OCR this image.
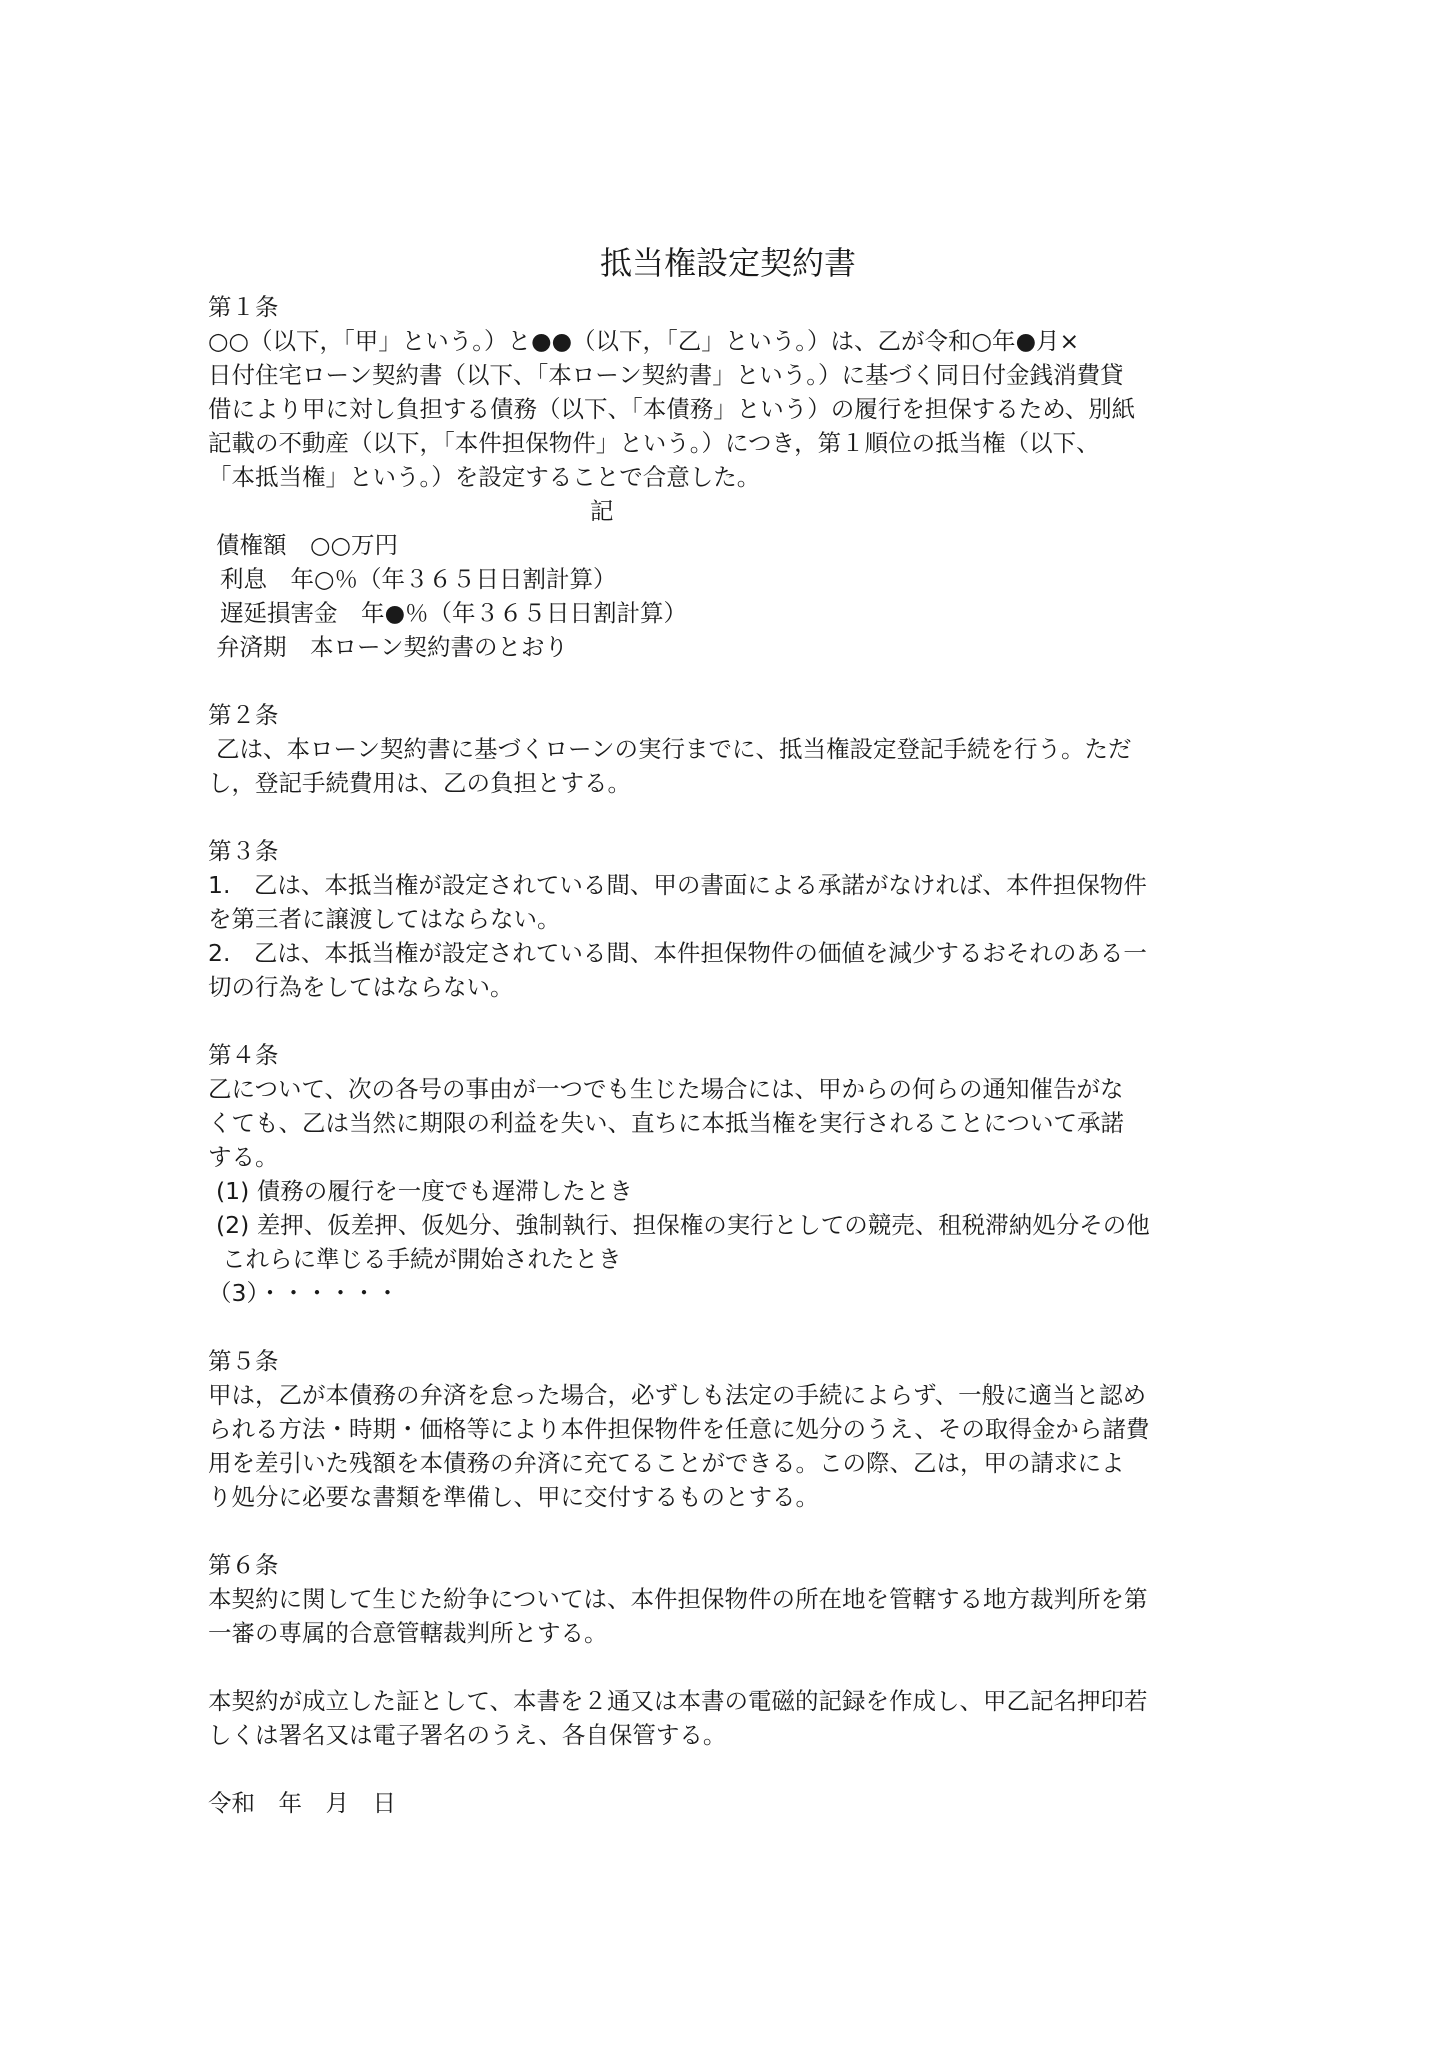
抵当権設定契約書
第１条
○○（以下，「甲」という。）と●●（以下，「乙」という。）は、乙が令和○年●月×
日付住宅ローン契約書（以下、「本ローン契約書」という。）に基づく同日付金銭消費貸
借により甲に対し負担する債務（以下、「本債務」という）の履行を担保するため、別紙
記載の不動産（以下，「本件担保物件」という。）につき，第１順位の抵当権（以下、
「本抵当権」という。）を設定することで合意した。
記
債権額　○○万円
利息　年○％（年３６５日日割計算）
遅延損害金　年●％（年３６５日日割計算）
弁済期　本ローン契約書のとおり
第２条
乙は、本ローン契約書に基づくローンの実行までに、抵当権設定登記手続を行う。ただ
し，登記手続費用は、乙の負担とする。
第３条
1.　乙は、本抵当権が設定されている間、甲の書面による承諾がなければ、本件担保物件
を第三者に譲渡してはならない。
2.　乙は、本抵当権が設定されている間、本件担保物件の価値を減少するおそれのある一
切の行為をしてはならない。
第４条
乙について、次の各号の事由が一つでも生じた場合には、甲からの何らの通知催告がな
くても、乙は当然に期限の利益を失い、直ちに本抵当権を実行されることについて承諾
する。
(1) 債務の履行を一度でも遅滞したとき
(2) 差押、仮差押、仮処分、強制執行、担保権の実行としての競売、租税滞納処分その他
これらに準じる手続が開始されたとき
（3）・・・・・・
第５条
甲は，乙が本債務の弁済を怠った場合，必ずしも法定の手続によらず、一般に適当と認め
られる方法・時期・価格等により本件担保物件を任意に処分のうえ、その取得金から諸費
用を差引いた残額を本債務の弁済に充てることができる。この際、乙は，甲の請求によ
り処分に必要な書類を準備し、甲に交付するものとする。
第６条
本契約に関して生じた紛争については、本件担保物件の所在地を管轄する地方裁判所を第
一審の専属的合意管轄裁判所とする。
本契約が成立した証として、本書を２通又は本書の電磁的記録を作成し、甲乙記名押印若
しくは署名又は電子署名のうえ、各自保管する。
令和　年　月　日
